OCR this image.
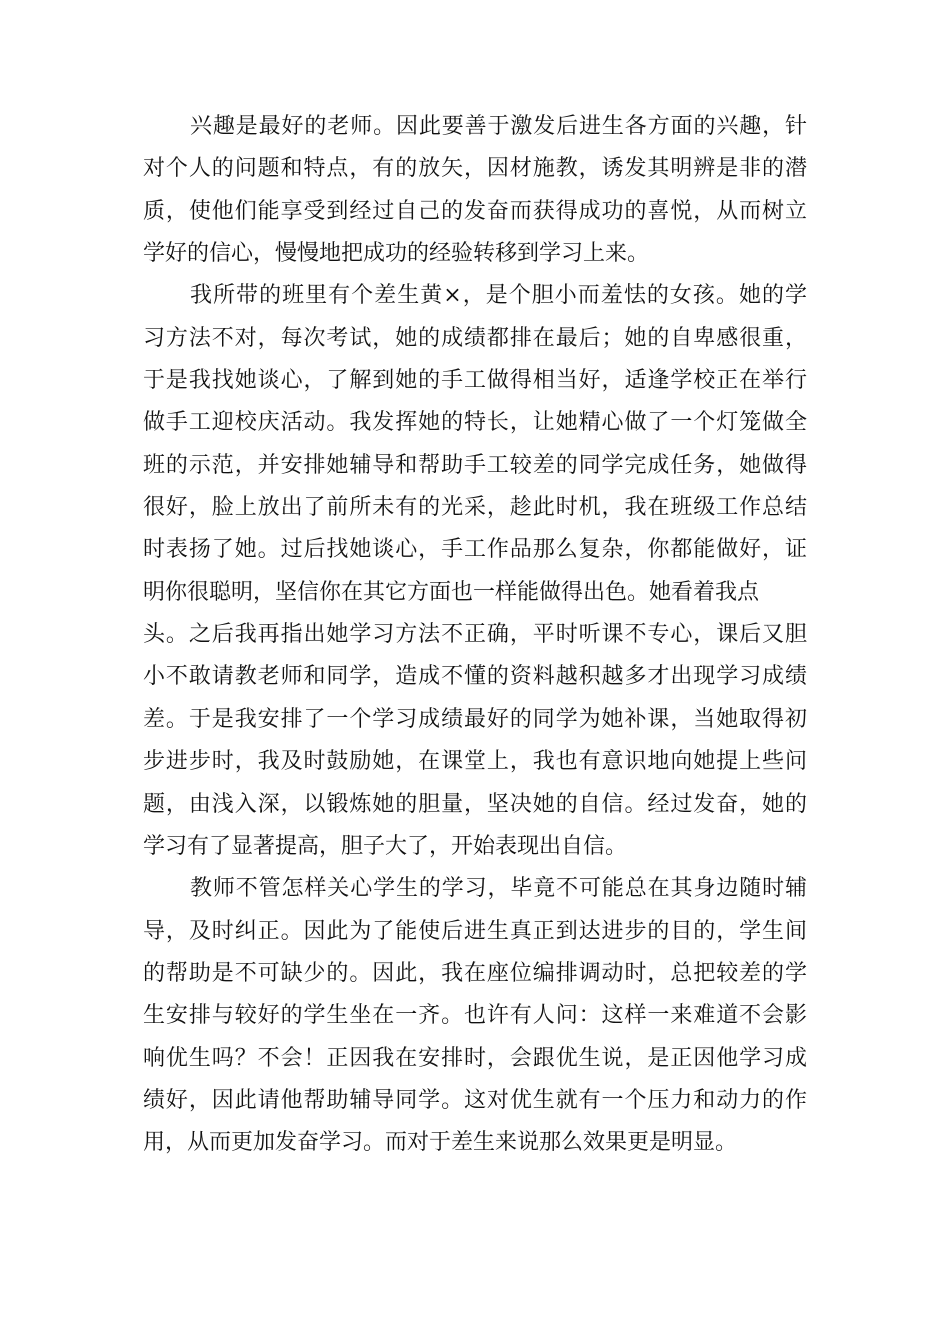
兴趣是最好的老师。因此要善于激发后进生各方面的兴趣，针
对个人的问题和特点，有的放矢，因材施教，诱发其明辨是非的潜
质，使他们能享受到经过自己的发奋而获得成功的喜悦，从而树立
学好的信心，慢慢地把成功的经验转移到学习上来。
我所带的班里有个差生黄×，是个胆小而羞怯的女孩。她的学
习方法不对，每次考试，她的成绩都排在最后；她的自卑感很重，
于是我找她谈心，了解到她的手工做得相当好，适逢学校正在举行
做手工迎校庆活动。我发挥她的特长，让她精心做了一个灯笼做全
班的示范，并安排她辅导和帮助手工较差的同学完成任务，她做得
很好，脸上放出了前所未有的光采，趁此时机，我在班级工作总结
时表扬了她。过后找她谈心，手工作品那么复杂，你都能做好，证
明你很聪明，坚信你在其它方面也一样能做得出色。她看着我点
头。之后我再指出她学习方法不正确，平时听课不专心，课后又胆
小不敢请教老师和同学，造成不懂的资料越积越多才出现学习成绩
差。于是我安排了一个学习成绩最好的同学为她补课，当她取得初
步进步时，我及时鼓励她，在课堂上，我也有意识地向她提上些问
题，由浅入深，以锻炼她的胆量，坚决她的自信。经过发奋，她的
学习有了显著提高，胆子大了，开始表现出自信。
教师不管怎样关心学生的学习，毕竟不可能总在其身边随时辅
导，及时纠正。因此为了能使后进生真正到达进步的目的，学生间
的帮助是不可缺少的。因此，我在座位编排调动时，总把较差的学
生安排与较好的学生坐在一齐。也许有人问：这样一来难道不会影
响优生吗？不会！正因我在安排时，会跟优生说，是正因他学习成
绩好，因此请他帮助辅导同学。这对优生就有一个压力和动力的作
用，从而更加发奋学习。而对于差生来说那么效果更是明显。
